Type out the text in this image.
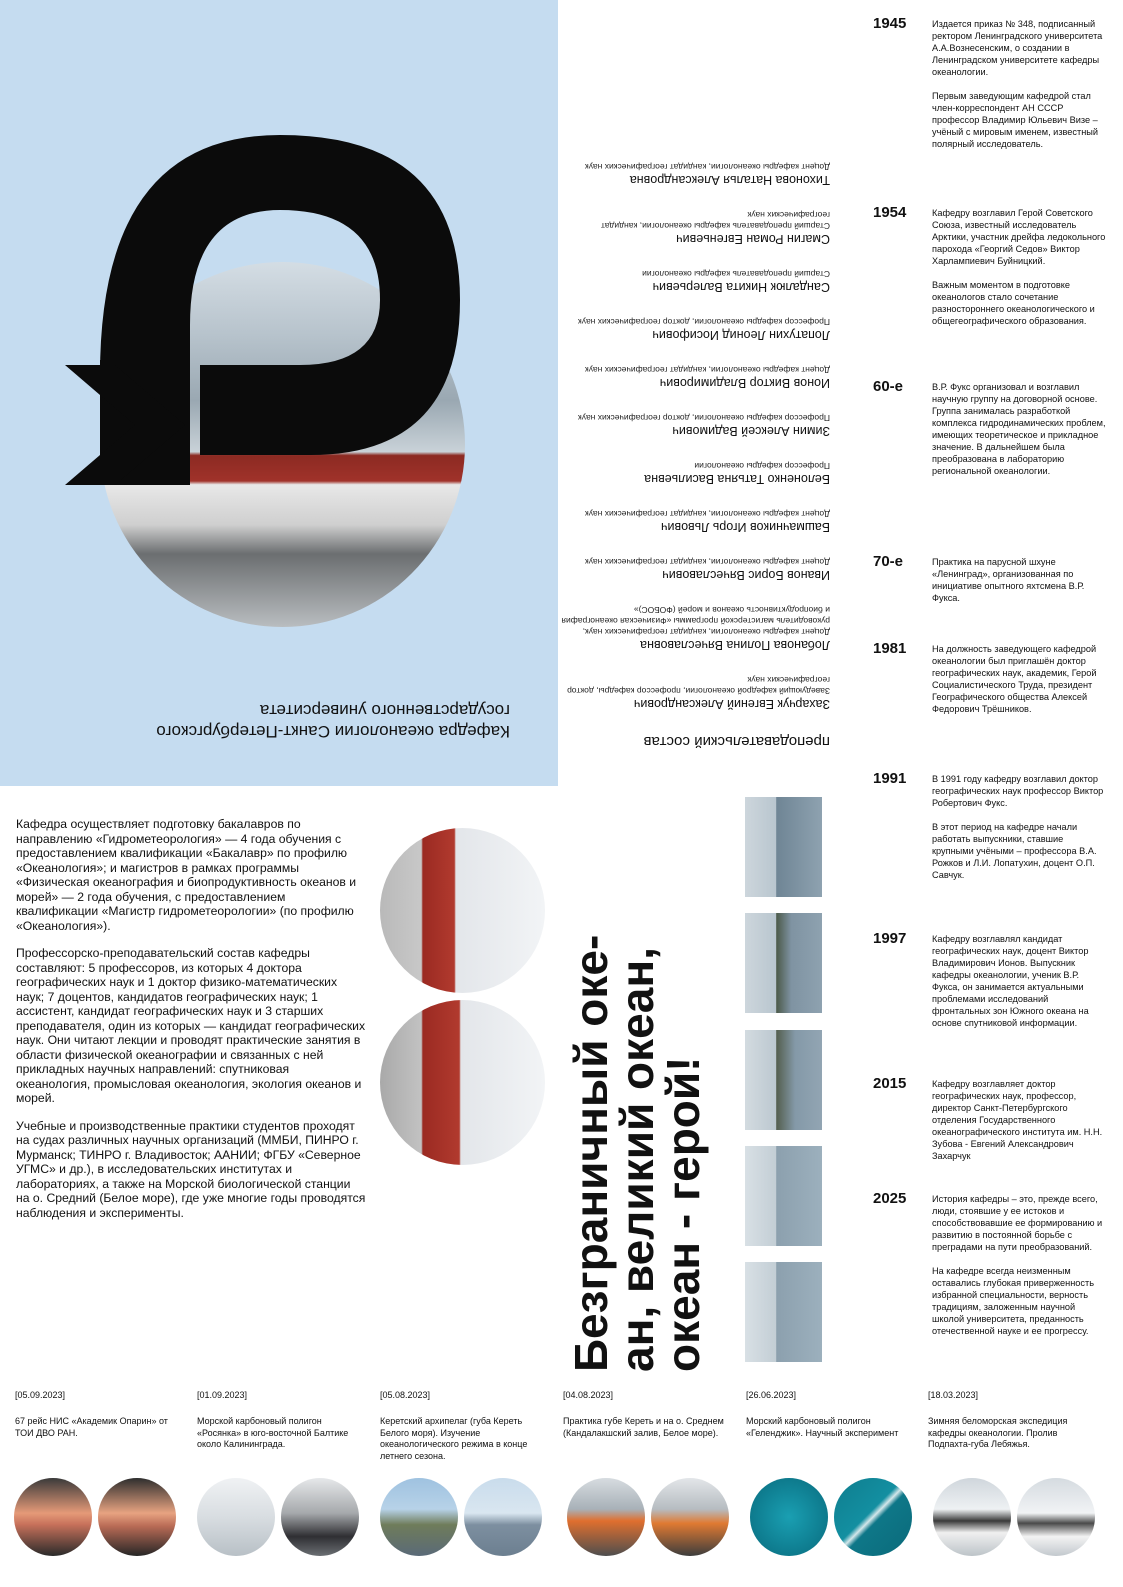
Кафедра океанологии Санкт-Петербургского государственного университета
преподавательский состав
Захарчук Евгений Александрович
Заведующий кафедрой океанологии, профессор кафедры, доктор географических наук
Лобанова Полина Вячеславовна
Доцент кафедры океанологии, кандидат географических наук, руководитель магистерской программы «Физическая океанография и биопродуктивность океанов и морей (ФОБОС)»
Иванов Борис Вячеславович
Доцент кафедры океанологии, кандидат географических наук
Башмачников Игорь Львович
Доцент кафедры океанологии, кандидат географических наук
Белоненко Татьяна Васильевна
Профессор кафедры океанологии
Зимин Алексей Вадимович
Профессор кафедры океанологии, доктор географических наук
Ионов Виктор Владимирович
Доцент кафедры океанологии, кандидат географических наук
Лопатухин Леонид Иосифович
Профессор кафедры океанологии, доктор географических наук
Сандалюк Никита Валерьевич
Старший преподаватель кафедры океанологии
Смагин Роман Евгеньевич
Старший преподаватель кафедры океанологии, кандидат географических наук
Тихонова Наталья Александровна
Доцент кафедры океанологии, кандидат географических наук
1945	Издается приказ № 348, подписанный ректором Ленинградского университета А.А.Вознесенским, о создании в Ленинградском университете кафедры океанологии.

Первым заведующим кафедрой стал член-корреспондент АН СССР профессор Владимир Юльевич Визе – учёный с мировым именем, известный полярный исследователь.

1954	Кафедру возглавил Герой Советского Союза, известный исследователь Арктики, участник дрейфа ледокольного парохода «Георгий Седов» Виктор Харлампиевич Буйницкий.

Важным моментом в подготовке океанологов стало сочетание разностороннего океанологического и общегеографического образования.

60-е	В.Р. Фукс организовал и возглавил научную группу на договорной основе. Группа занималась разработкой комплекса гидродинамических проблем, имеющих теоретическое и прикладное значение. В дальнейшем была преобразована в лабораторию региональной океанологии.

70-е	Практика на парусной шхуне «Ленинград», организованная по инициативе опытного яхтсмена В.Р. Фукса.

1981	На должность заведующего кафедрой океанологии был приглашён доктор географических наук, академик, Герой Социалистического Труда, президент Географического общества Алексей Федорович Трёшников.

1991	В 1991 году кафедру возглавил доктор географических наук профессор Виктор Робертович Фукс.

В этот период на кафедре начали работать выпускники, ставшие крупными учёными – профессора В.А. Рожков и Л.И. Лопатухин, доцент О.П. Савчук.

1997	Кафедру возглавлял кандидат географических наук, доцент Виктор Владимирович Ионов. Выпускник кафедры океанологии, ученик В.Р. Фукса, он занимается актуальными проблемами исследований фронтальных зон Южного океана на основе спутниковой информации.

2015	Кафедру возглавляет доктор географических наук, профессор, директор Санкт-Петербургского отделения Государственного океанографического института им. Н.Н. Зубова - Евгений Александрович Захарчук

2025	История кафедры – это, прежде всего, люди, стоявшие у ее истоков и способствовавшие ее формированию и развитию в постоянной борьбе с преградами на пути преобразований.

На кафедре всегда неизменным оставались глубокая приверженность избранной специальности, верность традициям, заложенным научной школой университета, преданность отечественной науке и ее прогрессу.

Кафедра осуществляет подготовку бакалавров по направлению «Гидрометеорология» — 4 года обучения с предоставлением квалификации «Бакалавр» по профилю «Океанология»; и магистров в рамках программы «Физическая океанография и биопродуктивность океанов и морей» — 2 года обучения, с предоставлением квалификации «Магистр гидрометеорологии» (по профилю «Океанология»).

Профессорско-преподавательский состав кафедры составляют: 5 профессоров, из которых 4 доктора географических наук и 1 доктор физико-математических наук; 7 доцентов, кандидатов географических наук; 1 ассистент, кандидат географических наук и 3 старших преподавателя, один из которых — кандидат географических наук. Они читают лекции и проводят практические занятия в области физической океанографии и связанных с ней прикладных научных направлений: спутниковая океанология, промысловая океанология, экология океанов и морей.

Учебные и производственные практики студентов проходят на судах различных научных организаций (ММБИ, ПИНРО г. Мурманск; ТИНРО г. Владивосток; ААНИИ; ФГБУ «Северное УГМС» и др.), в исследовательских институтах и лабораториях, а также на Морской биологической станции на о. Средний (Белое море), где уже многие годы проводятся наблюдения и эксперименты.	Безграничный оке-
ан, великий океан,
океан - герой!
[05.09.2023]
67 рейс НИС «Академик Опарин» от ТОИ ДВО РАН.
[01.09.2023]
Морской карбоновый полигон «Росянка» в юго-восточной Балтике около Калининграда.
[05.08.2023]
Керетский архипелаг (губа Кереть Белого моря). Изучение океанологического режима в конце летнего сезона.
[04.08.2023]
Практика губе Кереть и на о. Среднем (Кандалакшский залив, Белое море).
[26.06.2023]
Морский карбоновый полигон «Геленджик». Научный эксперимент
[18.03.2023]
Зимняя беломорская экспедиция кафедры океанологии. Пролив Подпахта-губа Лебяжья.
